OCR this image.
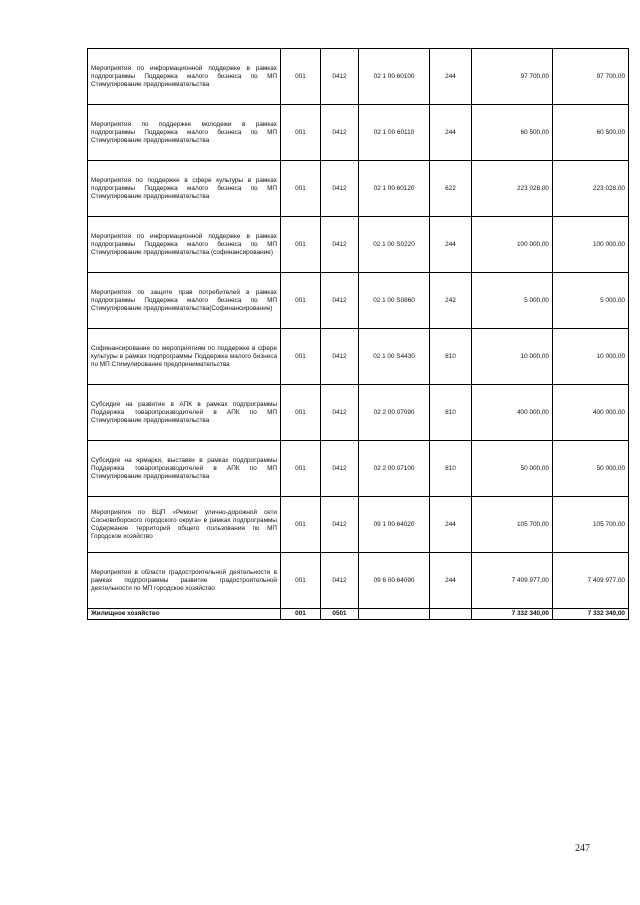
Мероприятия по информационной поддержке в рамках подпрограммы Поддержка малого бизнеса по МП Стимулирование предпринимательства	001	0412	02 1 00 60100	244	97 700,00	97 700,00
Мероприятия по поддержке молодежи в рамках подпрограммы Поддержка малого бизнеса по МП Стимулирование предпринимательства	001	0412	02 1 00 60110	244	60 500,00	60 500,00
Мероприятия по поддержке в сфере культуры в рамках подпрограммы Поддержка малого бизнеса по МП Стимулирование предпринимательства	001	0412	02 1 00 60120	622	223 028,00	223 028,00
Мероприятия по информационной поддержке в рамках подпрограммы Поддержка малого бизнеса по МП Стимулирование предпринимательства (софинансирование)	001	0412	02 1 00 S0220	244	100 000,00	100 000,00
Мероприятия по защите прав потребителей в рамках подпрограммы Поддержка малого бизнеса по МП Стимулирование предпринимательства(Софинансирование)	001	0412	02 1 00 S0860	242	5 000,00	5 000,00
Софинансирование по мероприятиям по поддержке в сфере культуры в рамках подпрограммы Поддержка малого бизнеса по МП Стимулирование предпринимательства	001	0412	02 1 00 S4430	810	10 000,00	10 000,00
Субсидия на развитие в АПК в рамках подпрограммы Поддержка товаропроизводителей в АПК по МП Стимулирование предпринимательства	001	0412	02 2 00 07090	810	400 000,00	400 000,00
Субсидия на ярмарки, выставки в рамках подпрограммы Поддержка товаропроизводителей в АПК по МП Стимулирование предпринимательства	001	0412	02 2 00 07100	810	50 000,00	50 000,00
Мероприятия по ВЦП «Ремонт улично-дорожной сети Сосновоборского городского округа» в рамках подпрограммы Содержание территорий общего пользования по МП Городское хозяйство	001	0412	09 1 00 64020	244	105 700,00	105 700,00
Мероприятия в области градостроительной деятельности в рамках подпрограммы развитие градостроительной деятельности по МП городское хозяйство	001	0412	09 6 00 64090	244	7 409 977,00	7 409 977,00
Жилищное хозяйство	001	0501			7 332 340,00	7 332 340,00
247
